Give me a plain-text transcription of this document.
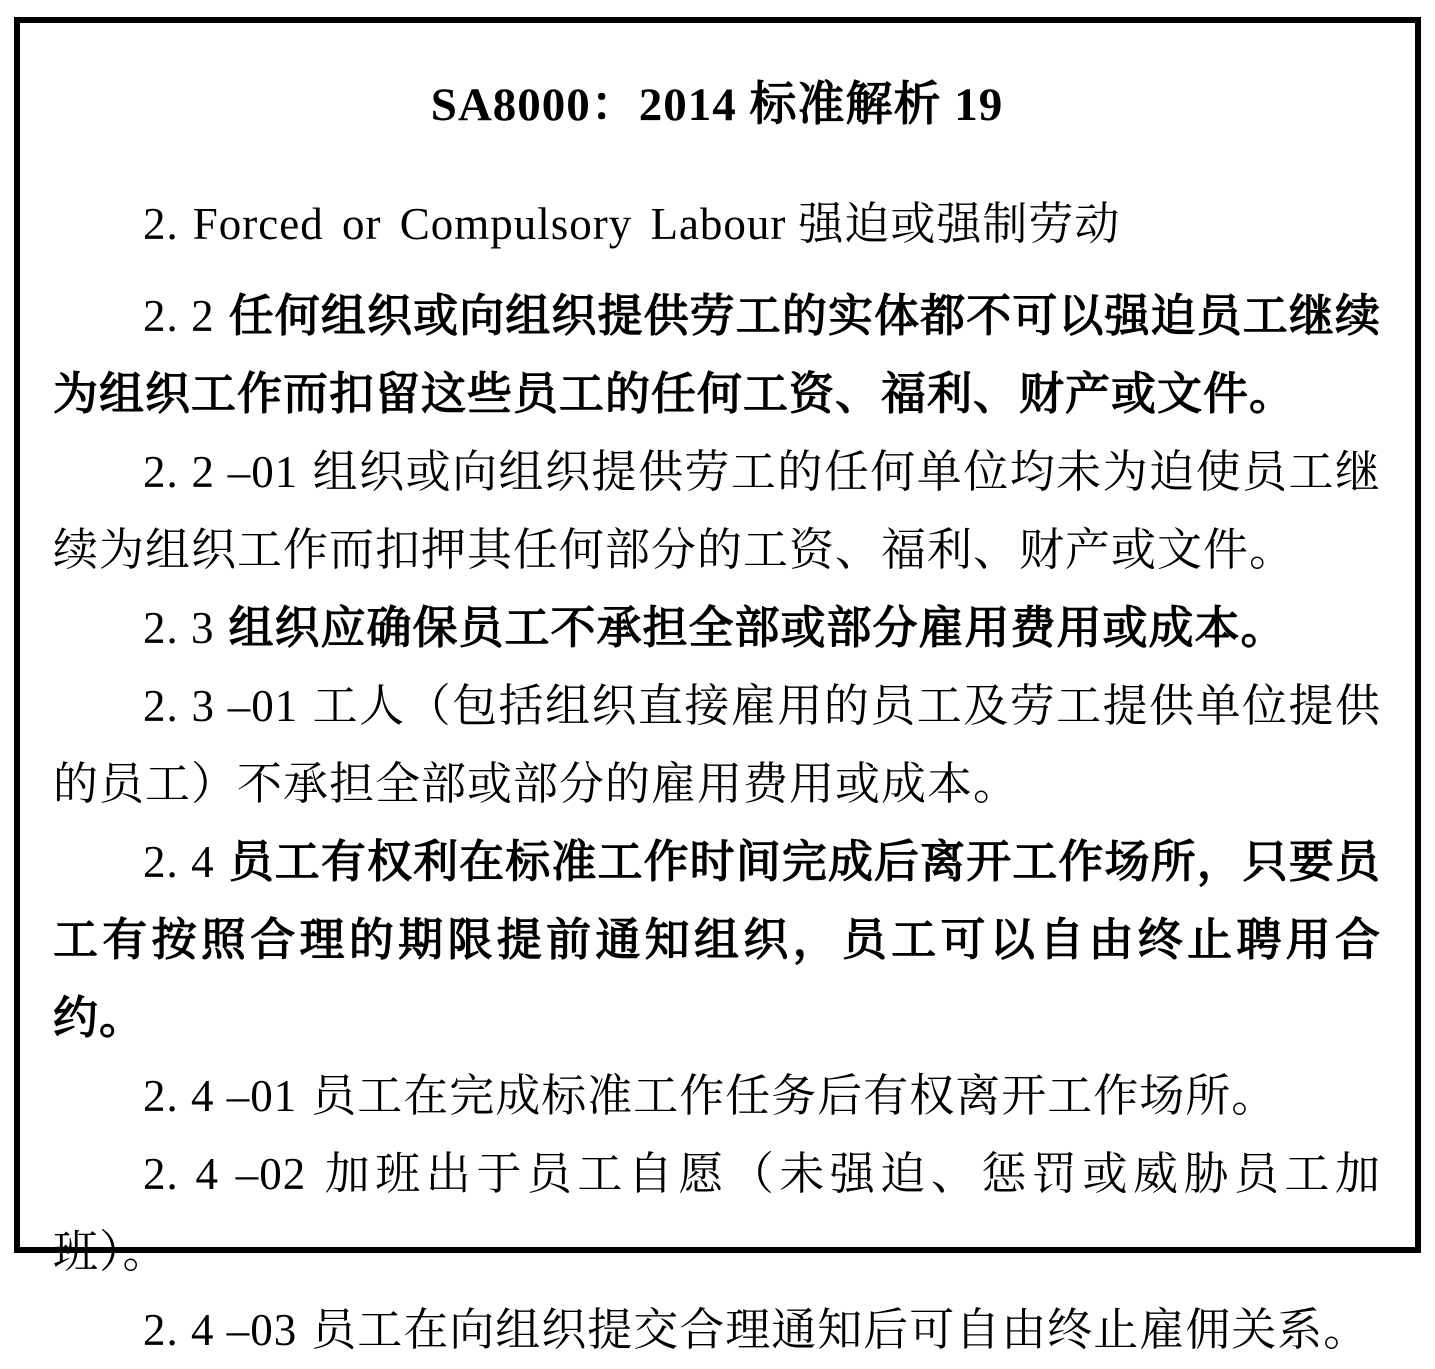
SA8000：2014 标准解析 19

2. Forced or Compulsory Labour 强迫或强制劳动

2. 2 任何组织或向组织提供劳工的实体都不可以强迫员工继续为组织工作而扣留这些员工的任何工资、福利、财产或文件。

2. 2 –01 组织或向组织提供劳工的任何单位均未为迫使员工继续为组织工作而扣押其任何部分的工资、福利、财产或文件。

2. 3 组织应确保员工不承担全部或部分雇用费用或成本。

2. 3 –01 工人（包括组织直接雇用的员工及劳工提供单位提供的员工）不承担全部或部分的雇用费用或成本。

2. 4 员工有权利在标准工作时间完成后离开工作场所，只要员工有按照合理的期限提前通知组织，员工可以自由终止聘用合约。

2. 4 –01 员工在完成标准工作任务后有权离开工作场所。

2. 4 –02 加班出于员工自愿（未强迫、惩罚或威胁员工加班）。

2. 4 –03 员工在向组织提交合理通知后可自由终止雇佣关系。
